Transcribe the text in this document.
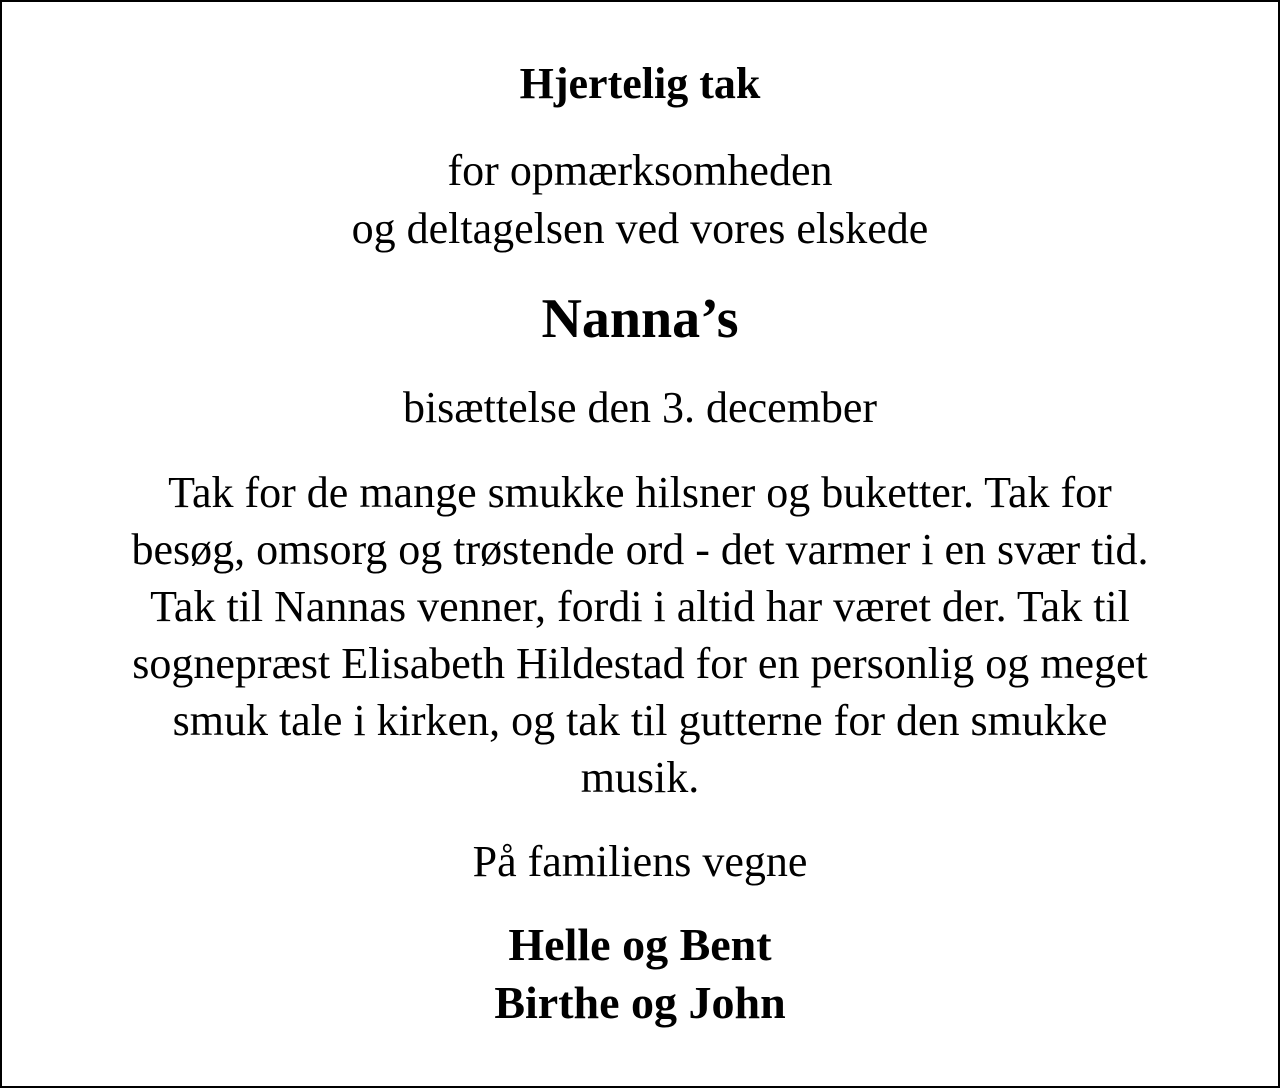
Hjertelig tak
for opmærksomheden
og deltagelsen ved vores elskede
Nanna’s
bisættelse den 3. december
Tak for de mange smukke hilsner og buketter. Tak for
besøg, omsorg og trøstende ord - det varmer i en svær tid.
Tak til Nannas venner, fordi i altid har været der. Tak til
sognepræst Elisabeth Hildestad for en personlig og meget
smuk tale i kirken, og tak til gutterne for den smukke
musik.
På familiens vegne
Helle og Bent
Birthe og John
